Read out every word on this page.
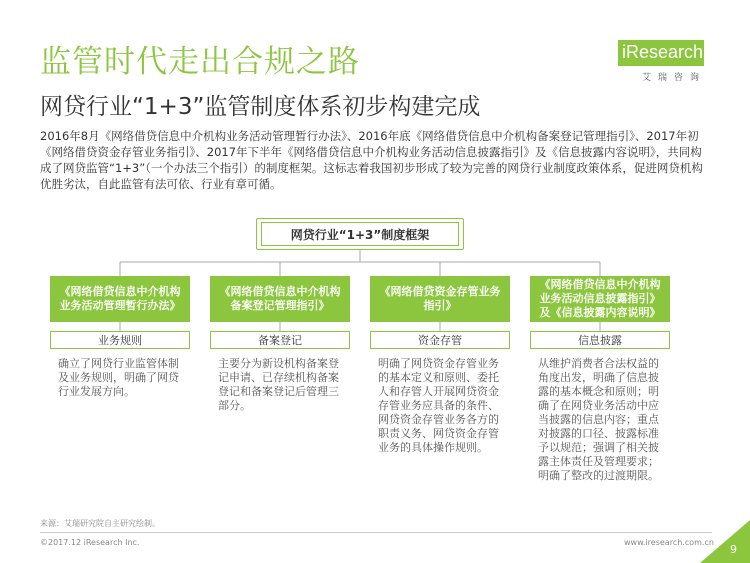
监管时代走出合规之路
网贷行业“1+3”监管制度体系初步构建完成
iResearch
艾瑞咨询
2016年8月《网络借贷信息中介机构业务活动管理暂行办法》、2016年底《网络借贷信息中介机构备案登记管理指引》、2017年初《网络借贷资金存管业务指引》、2017年下半年《网络借贷信息中介机构业务活动信息披露指引》及《信息披露内容说明》，共同构成了网贷监管“1+3”（一个办法三个指引）的制度框架。这标志着我国初步形成了较为完善的网贷行业制度政策体系，促进网贷机构优胜劣汰，自此监管有法可依、行业有章可循。
网贷行业“1+3”制度框架
《网络借贷信息中介机构业务活动管理暂行办法》
业务规则
确立了网贷行业监管体制及业务规则，明确了网贷行业发展方向。
《网络借贷信息中介机构备案登记管理指引》
备案登记
主要分为新设机构备案登记申请、已存续机构备案登记和备案登记后管理三部分。
《网络借贷资金存管业务指引》
资金存管
明确了网贷资金存管业务的基本定义和原则、委托人和存管人开展网贷资金存管业务应具备的条件、网贷资金存管业务各方的职责义务、网贷资金存管业务的具体操作规则。
《网络借贷信息中介机构业务活动信息披露指引》及《信息披露内容说明》
信息披露
从维护消费者合法权益的角度出发，明确了信息披露的基本概念和原则；明确了在网贷业务活动中应当披露的信息内容；重点对披露的口径、披露标准予以规范；强调了相关披露主体责任及管理要求；明确了整改的过渡期限。
来源：艾瑞研究院自主研究绘制。
©2017.12 iResearch Inc.	www.iresearch.com.cn
9
